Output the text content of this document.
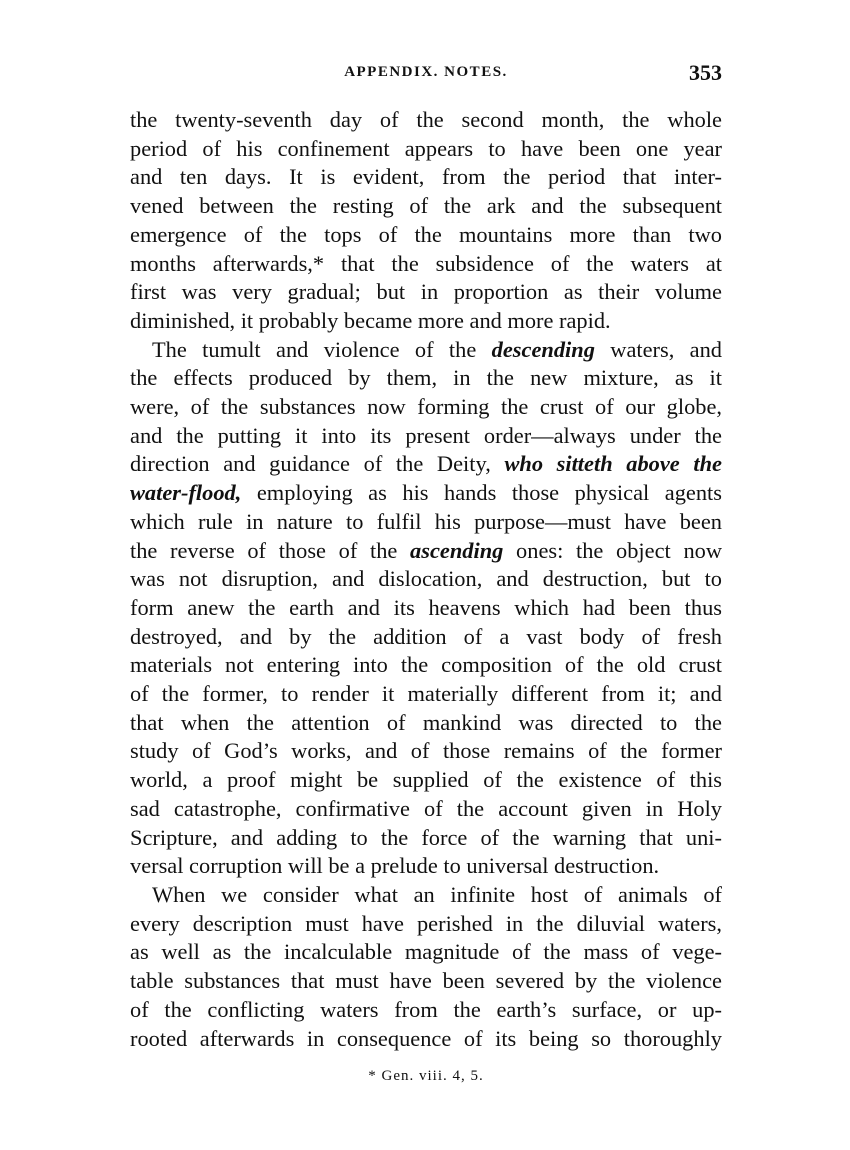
APPENDIX. NOTES.	353

the twenty-seventh day of the second month, the whole
period of his confinement appears to have been one year
and ten days. It is evident, from the period that inter-
vened between the resting of the ark and the subsequent
emergence of the tops of the mountains more than two
months afterwards,* that the subsidence of the waters at
first was very gradual; but in proportion as their volume
diminished, it probably became more and more rapid.

The tumult and violence of the descending waters, and
the effects produced by them, in the new mixture, as it
were, of the substances now forming the crust of our globe,
and the putting it into its present order—always under the
direction and guidance of the Deity, who sitteth above the
water-flood, employing as his hands those physical agents
which rule in nature to fulfil his purpose—must have been
the reverse of those of the ascending ones: the object now
was not disruption, and dislocation, and destruction, but to
form anew the earth and its heavens which had been thus
destroyed, and by the addition of a vast body of fresh
materials not entering into the composition of the old crust
of the former, to render it materially different from it; and
that when the attention of mankind was directed to the
study of God’s works, and of those remains of the former
world, a proof might be supplied of the existence of this
sad catastrophe, confirmative of the account given in Holy
Scripture, and adding to the force of the warning that uni-
versal corruption will be a prelude to universal destruction.

When we consider what an infinite host of animals of
every description must have perished in the diluvial waters,
as well as the incalculable magnitude of the mass of vege-
table substances that must have been severed by the violence
of the conflicting waters from the earth’s surface, or up-
rooted afterwards in consequence of its being so thoroughly

* Gen. viii. 4, 5.
